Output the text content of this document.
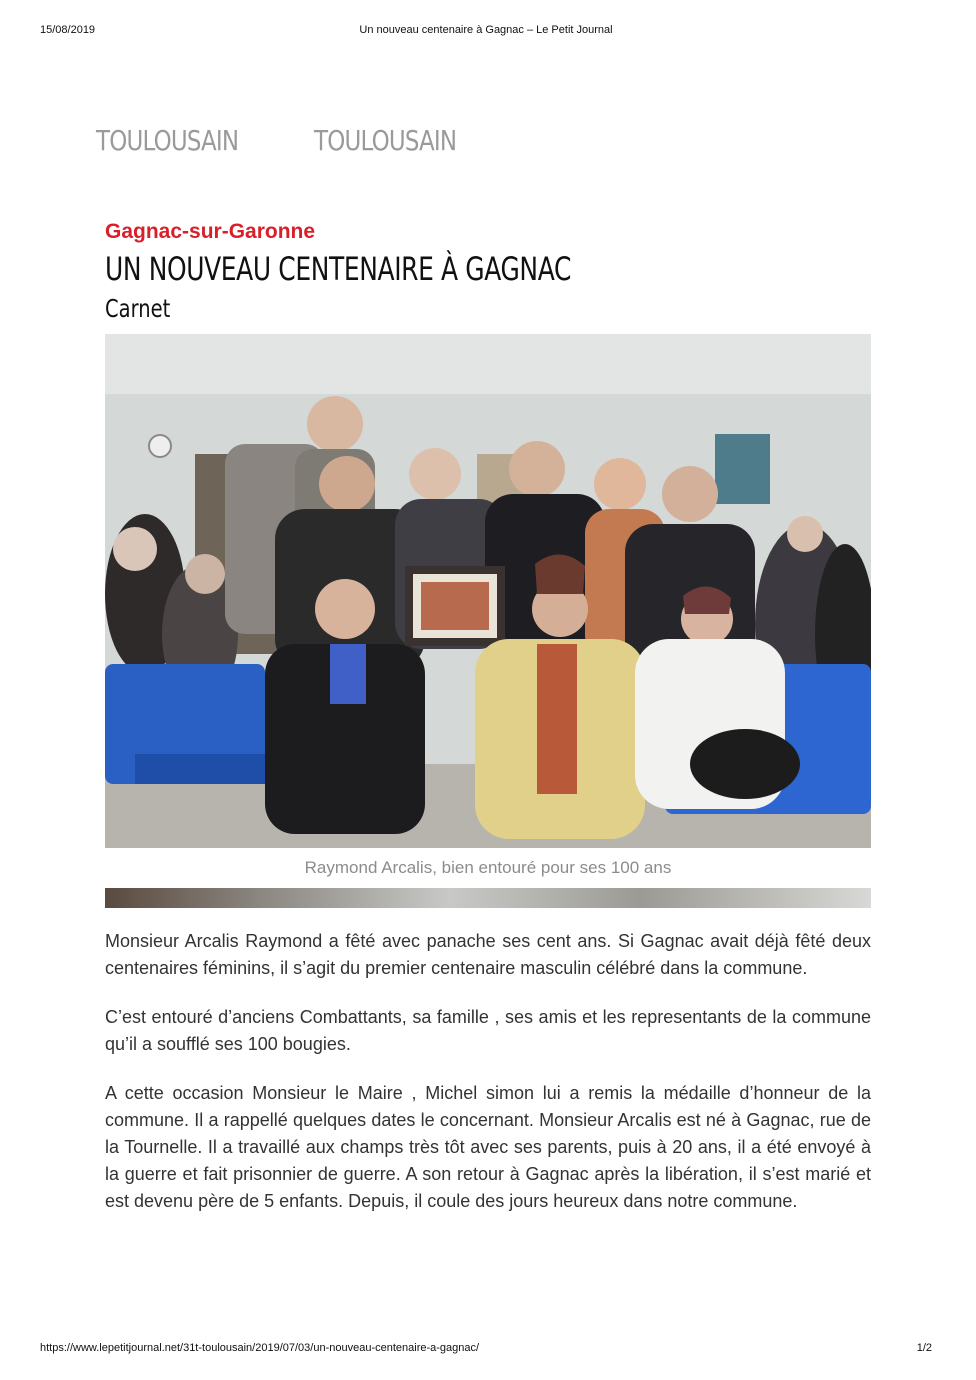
15/08/2019	Un nouveau centenaire à Gagnac – Le Petit Journal
TOULOUSAIN	TOULOUSAIN
Gagnac-sur-Garonne
UN NOUVEAU CENTENAIRE À GAGNAC
Carnet
Raymond Arcalis, bien entouré pour ses 100 ans

Monsieur Arcalis Raymond a fêté avec panache ses cent ans. Si Gagnac avait déjà fêté deux centenaires féminins, il s’agit du premier centenaire masculin célébré dans la commune.

C’est entouré d’anciens Combattants, sa famille , ses amis et les representants de la commune qu’il a soufflé ses 100 bougies.

A cette occasion Monsieur le Maire , Michel simon lui a remis la médaille d’honneur de la commune. Il a rappellé quelques dates le concernant. Monsieur Arcalis est né à Gagnac, rue de la Tournelle. Il a travaillé aux champs très tôt avec ses parents, puis à 20 ans, il a été envoyé à la guerre et fait prisonnier de guerre. A son retour à Gagnac après la libération, il s’est marié et est devenu père de 5 enfants. Depuis, il coule des jours heureux dans notre commune.

https://www.lepetitjournal.net/31t-toulousain/2019/07/03/un-nouveau-centenaire-a-gagnac/	1/2
